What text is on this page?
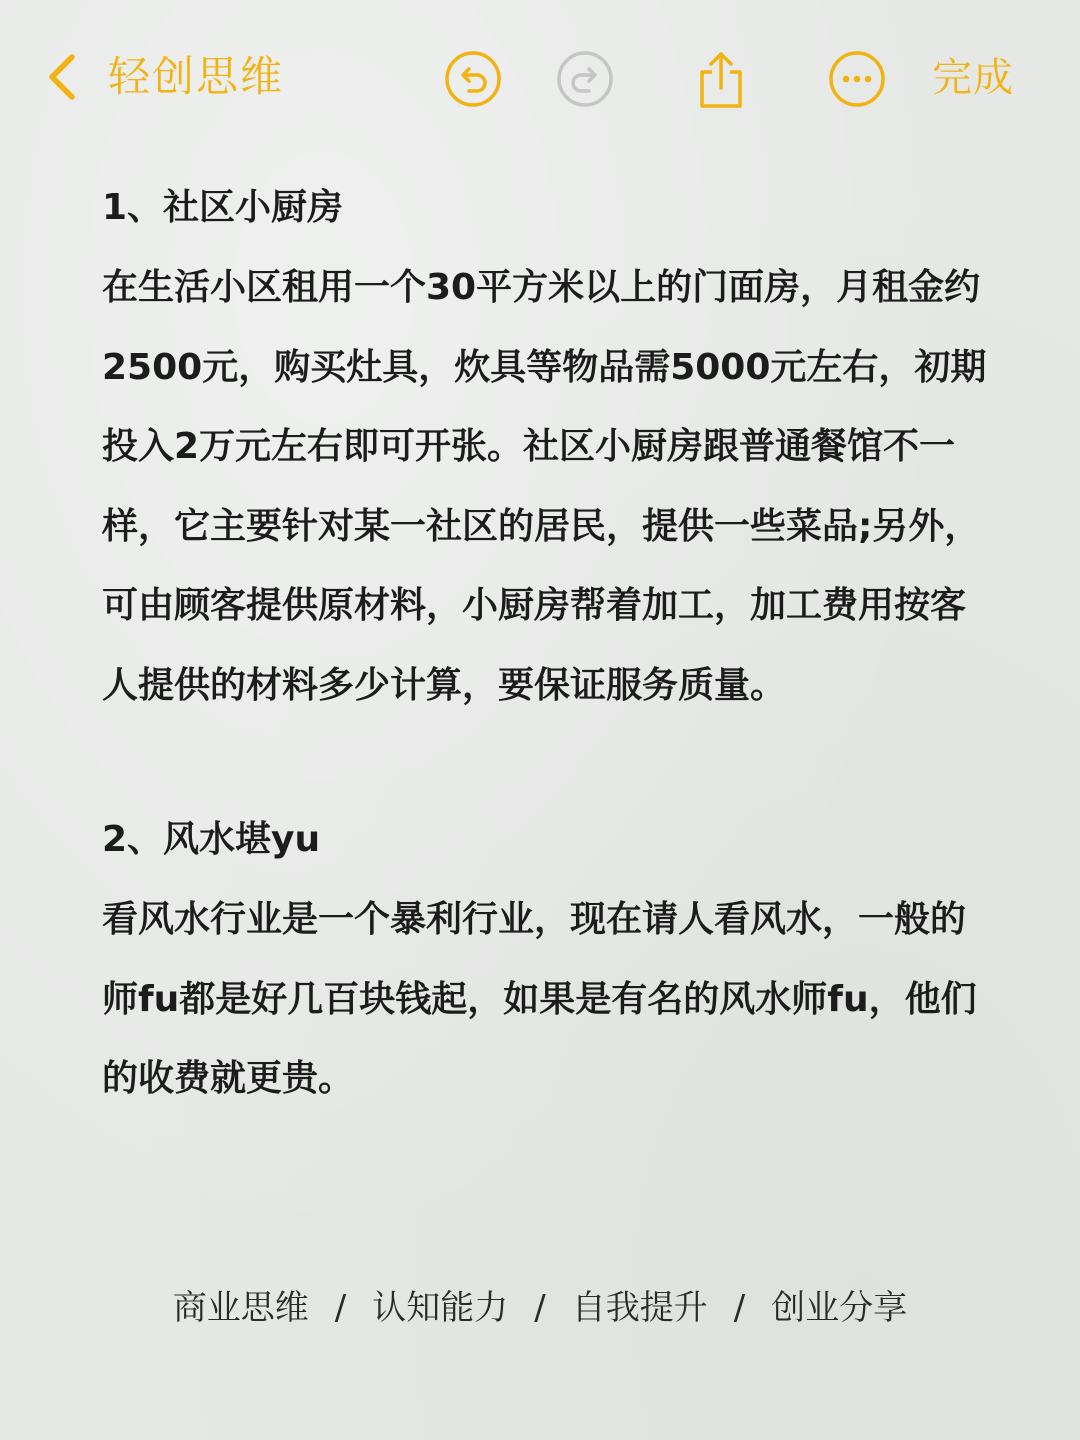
轻创思维	完成

1、社区小厨房

在生活小区租用一个30平方米以上的门面房，月租金约2500元，购买灶具，炊具等物品需5000元左右，初期投入2万元左右即可开张。社区小厨房跟普通餐馆不一样，它主要针对某一社区的居民，提供一些菜品;另外，可由顾客提供原材料，小厨房帮着加工，加工费用按客人提供的材料多少计算，要保证服务质量。

2、风水堪yu

看风水行业是一个暴利行业，现在请人看风水，一般的师fu都是好几百块钱起，如果是有名的风水师fu，他们的收费就更贵。

商业思维 / 认知能力 / 自我提升 / 创业分享
